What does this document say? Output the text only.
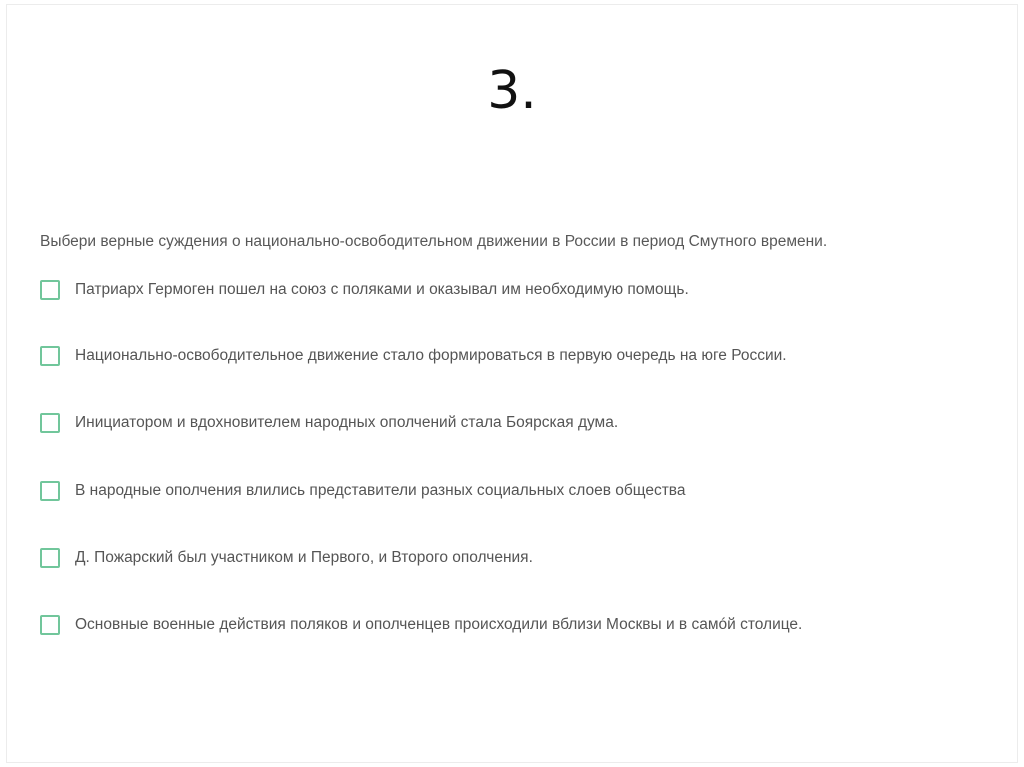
3.
Выбери верные суждения о национально-освободительном движении в России в период Смутного времени.
Патриарх Гермоген пошел на союз с поляками и оказывал им необходимую помощь.
Национально-освободительное движение стало формироваться в первую очередь на юге России.
Инициатором и вдохновителем народных ополчений стала Боярская дума.
В народные ополчения влились представители разных социальных слоев общества
Д. Пожарский был участником и Первого, и Второго ополчения.
Основные военные действия поляков и ополченцев происходили вблизи Москвы и в самóй столице.
